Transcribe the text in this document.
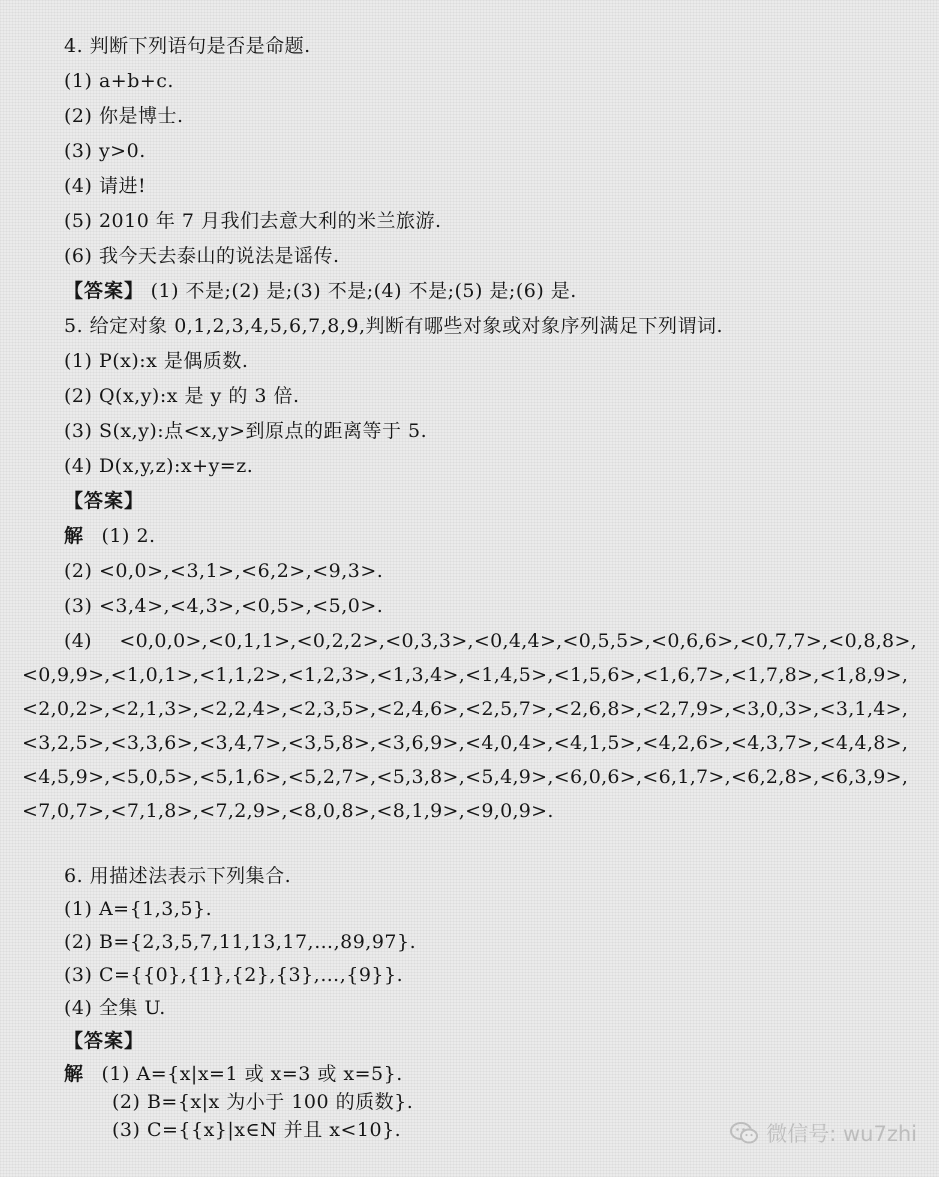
4. 判断下列语句是否是命题.
(1) a+b+c.
(2) 你是博士.
(3) y>0.
(4) 请进!
(5) 2010 年 7 月我们去意大利的米兰旅游.
(6) 我今天去泰山的说法是谣传.
【答案】 (1) 不是;(2) 是;(3) 不是;(4) 不是;(5) 是;(6) 是.
5. 给定对象 0,1,2,3,4,5,6,7,8,9,判断有哪些对象或对象序列满足下列谓词.
(1) P(x):x 是偶质数.
(2) Q(x,y):x 是 y 的 3 倍.
(3) S(x,y):点<x,y>到原点的距离等于 5.
(4) D(x,y,z):x+y=z.
【答案】
解 (1) 2.
(2) <0,0>,<3,1>,<6,2>,<9,3>.
(3) <3,4>,<4,3>,<0,5>,<5,0>.
(4) <0,0,0>,<0,1,1>,<0,2,2>,<0,3,3>,<0,4,4>,<0,5,5>,<0,6,6>,<0,7,7>,<0,8,8>,<0,9,9>,<1,0,1>,<1,1,2>,<1,2,3>,<1,3,4>,<1,4,5>,<1,5,6>,<1,6,7>,<1,7,8>,<1,8,9>,<2,0,2>,<2,1,3>,<2,2,4>,<2,3,5>,<2,4,6>,<2,5,7>,<2,6,8>,<2,7,9>,<3,0,3>,<3,1,4>,<3,2,5>,<3,3,6>,<3,4,7>,<3,5,8>,<3,6,9>,<4,0,4>,<4,1,5>,<4,2,6>,<4,3,7>,<4,4,8>,<4,5,9>,<5,0,5>,<5,1,6>,<5,2,7>,<5,3,8>,<5,4,9>,<6,0,6>,<6,1,7>,<6,2,8>,<6,3,9>,<7,0,7>,<7,1,8>,<7,2,9>,<8,0,8>,<8,1,9>,<9,0,9>.
6. 用描述法表示下列集合.
(1) A={1,3,5}.
(2) B={2,3,5,7,11,13,17,…,89,97}.
(3) C={{0},{1},{2},{3},…,{9}}.
(4) 全集 U.
【答案】
解 (1) A={x|x=1 或 x=3 或 x=5}.
(2) B={x|x 为小于 100 的质数}.
(3) C={{x}|x∈N 并且 x<10}.	微信号: wu7zhi
